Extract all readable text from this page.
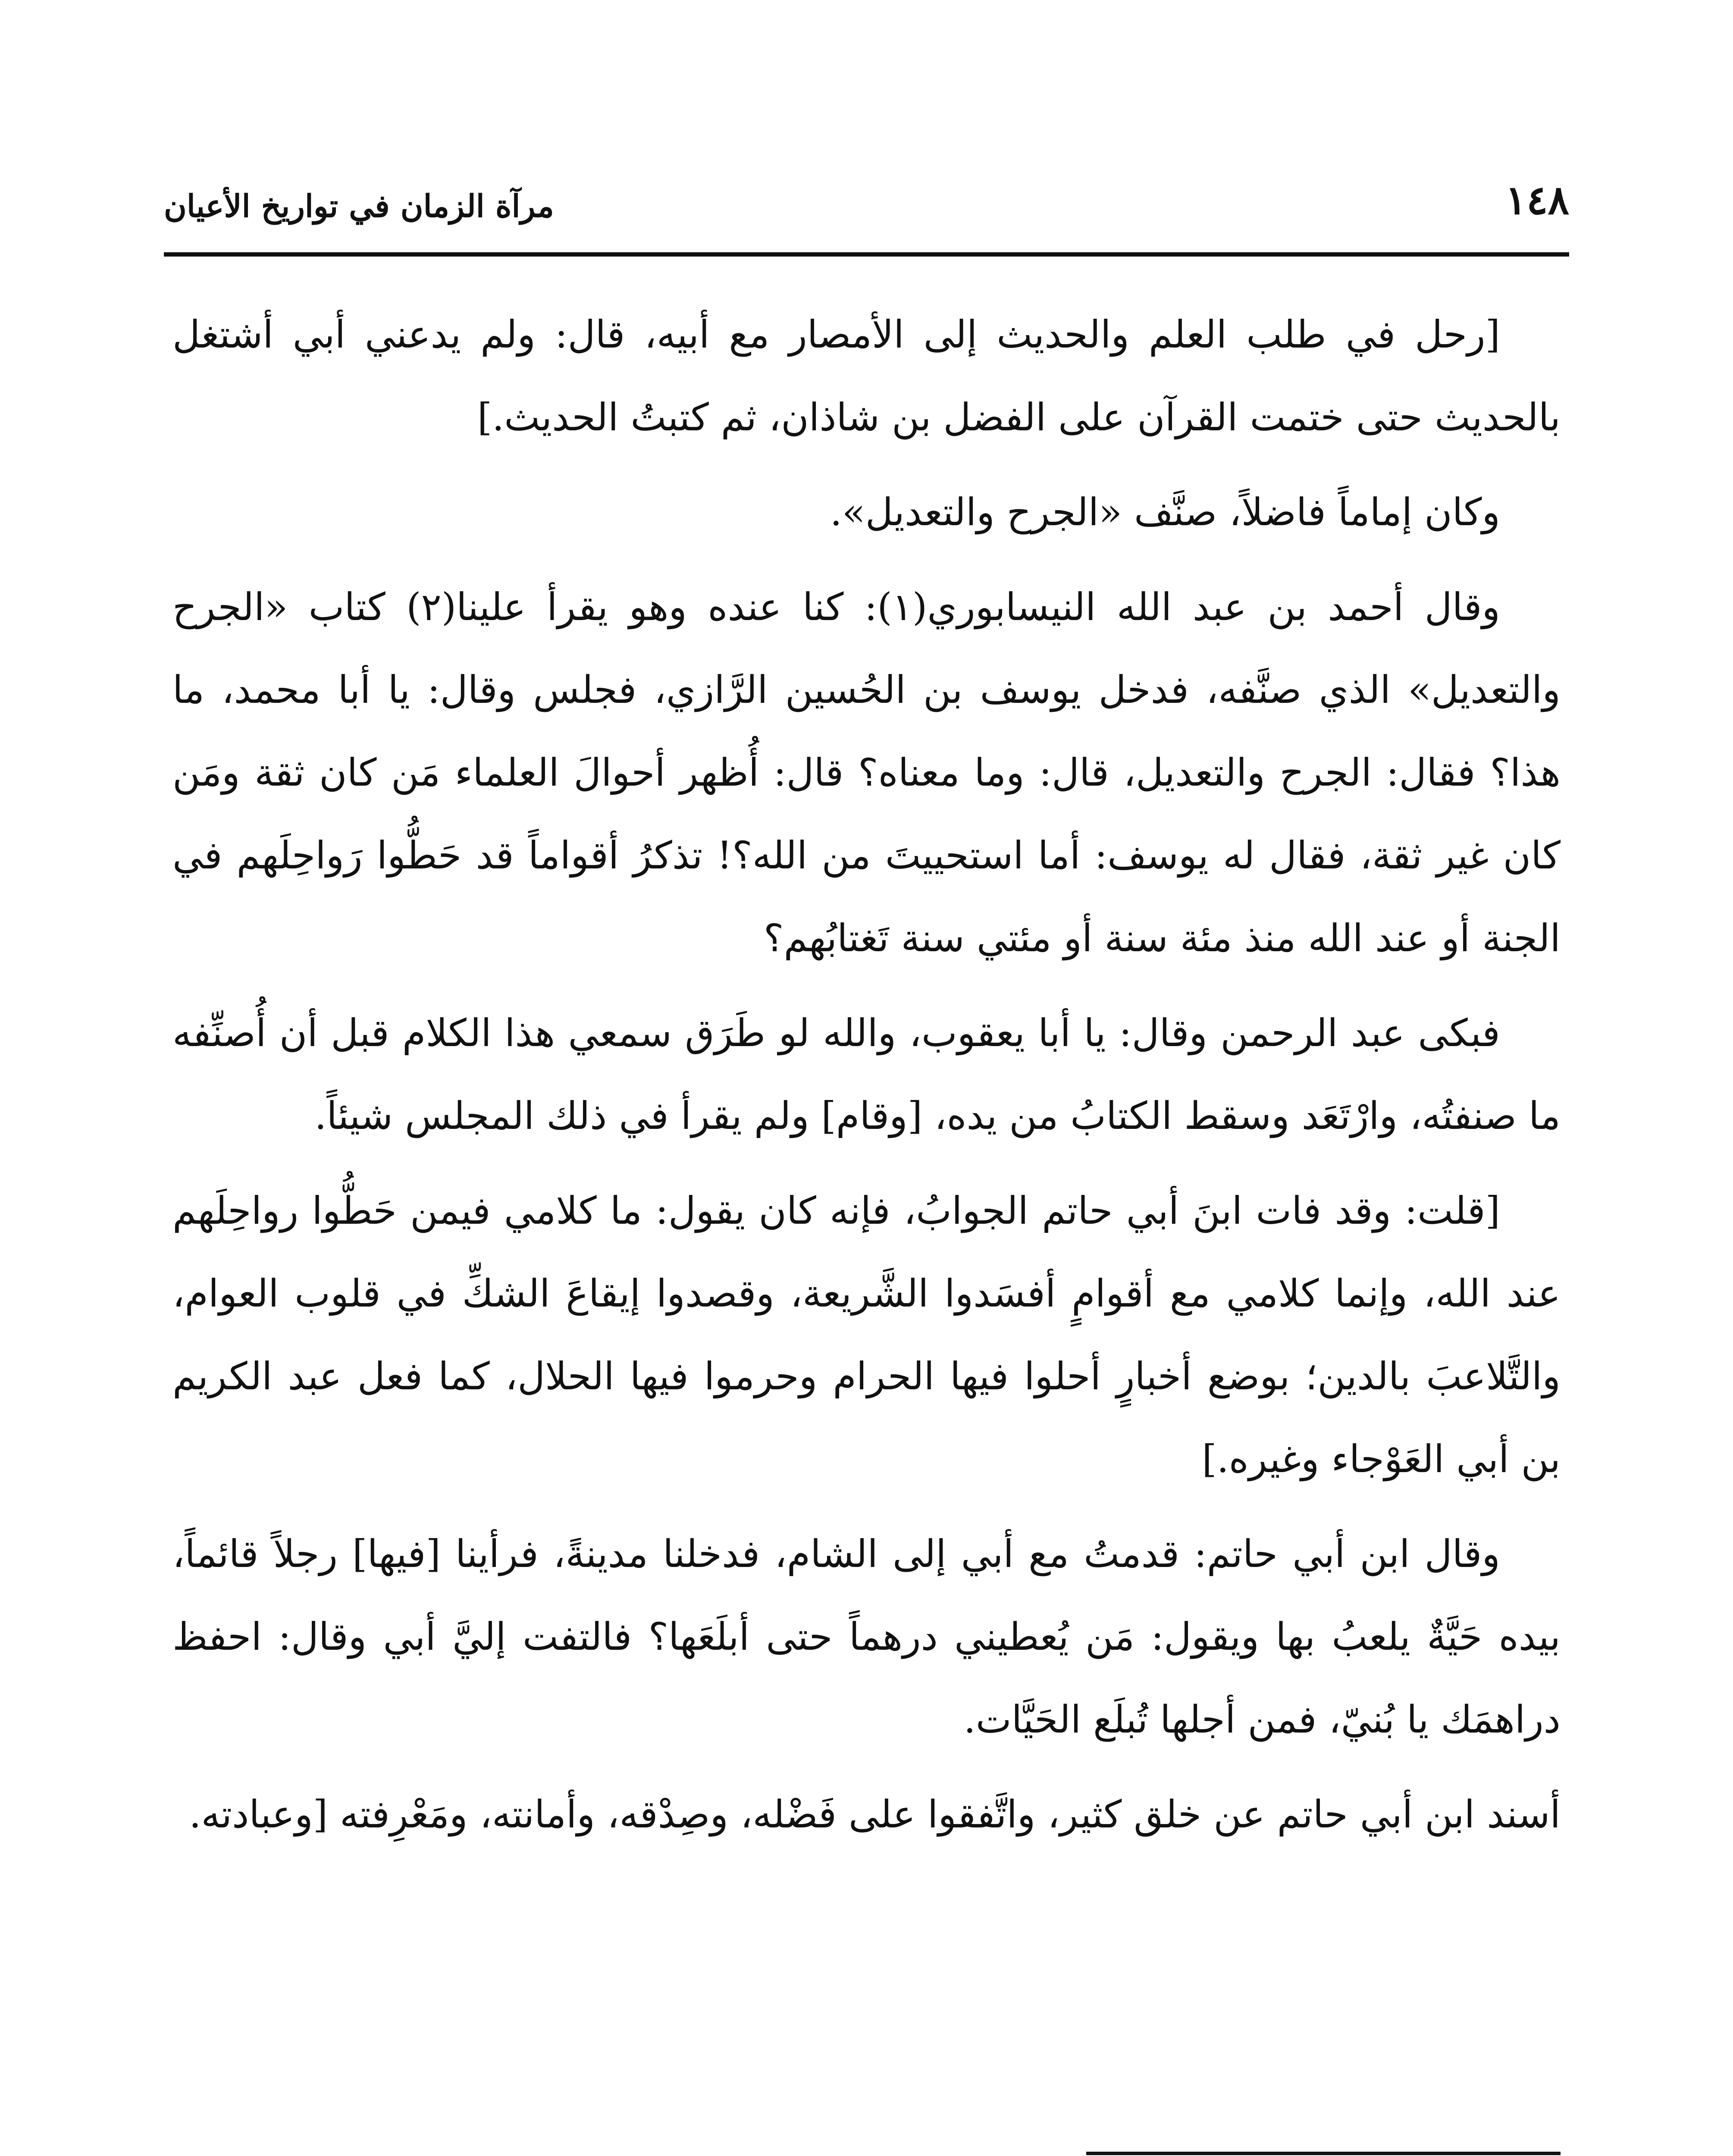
١٤٨
مرآة الزمان في تواريخ الأعيان

[رحل في طلب العلم والحديث إلى الأمصار مع أبيه، قال: ولم يدعني أبي أشتغل بالحديث حتى ختمت القرآن على الفضل بن شاذان، ثم كتبتُ الحديث.]

وكان إماماً فاضلاً، صنَّف «الجرح والتعديل».

وقال أحمد بن عبد الله النيسابوري(١): كنا عنده وهو يقرأ علينا(٢) كتاب «الجرح والتعديل» الذي صنَّفه، فدخل يوسف بن الحُسين الرَّازي، فجلس وقال: يا أبا محمد، ما هذا؟ فقال: الجرح والتعديل، قال: وما معناه؟ قال: أُظهر أحوالَ العلماء مَن كان ثقة ومَن كان غير ثقة، فقال له يوسف: أما استحييتَ من الله؟! تذكرُ أقواماً قد حَطُّوا رَواحِلَهم في الجنة أو عند الله منذ مئة سنة أو مئتي سنة تَغتابُهم؟

فبكى عبد الرحمن وقال: يا أبا يعقوب، والله لو طَرَق سمعي هذا الكلام قبل أن أُصنِّفه ما صنفتُه، وارْتَعَد وسقط الكتابُ من يده، [وقام] ولم يقرأ في ذلك المجلس شيئاً.

[قلت: وقد فات ابنَ أبي حاتم الجوابُ، فإنه كان يقول: ما كلامي فيمن حَطُّوا رواحِلَهم عند الله، وإنما كلامي مع أقوامٍ أفسَدوا الشَّريعة، وقصدوا إيقاعَ الشكِّ في قلوب العوام، والتَّلاعبَ بالدين؛ بوضع أخبارٍ أحلوا فيها الحرام وحرموا فيها الحلال، كما فعل عبد الكريم بن أبي العَوْجاء وغيره.]

وقال ابن أبي حاتم: قدمتُ مع أبي إلى الشام، فدخلنا مدينةً، فرأينا [فيها] رجلاً قائماً، بيده حَيَّةٌ يلعبُ بها ويقول: مَن يُعطيني درهماً حتى أبلَعَها؟ فالتفت إليَّ أبي وقال: احفظ دراهمَك يا بُنيّ، فمن أجلها تُبلَع الحَيَّات.

أسند ابن أبي حاتم عن خلق كثير، واتَّفقوا على فَضْله، وصِدْقه، وأمانته، ومَعْرِفته [وعبادته.
